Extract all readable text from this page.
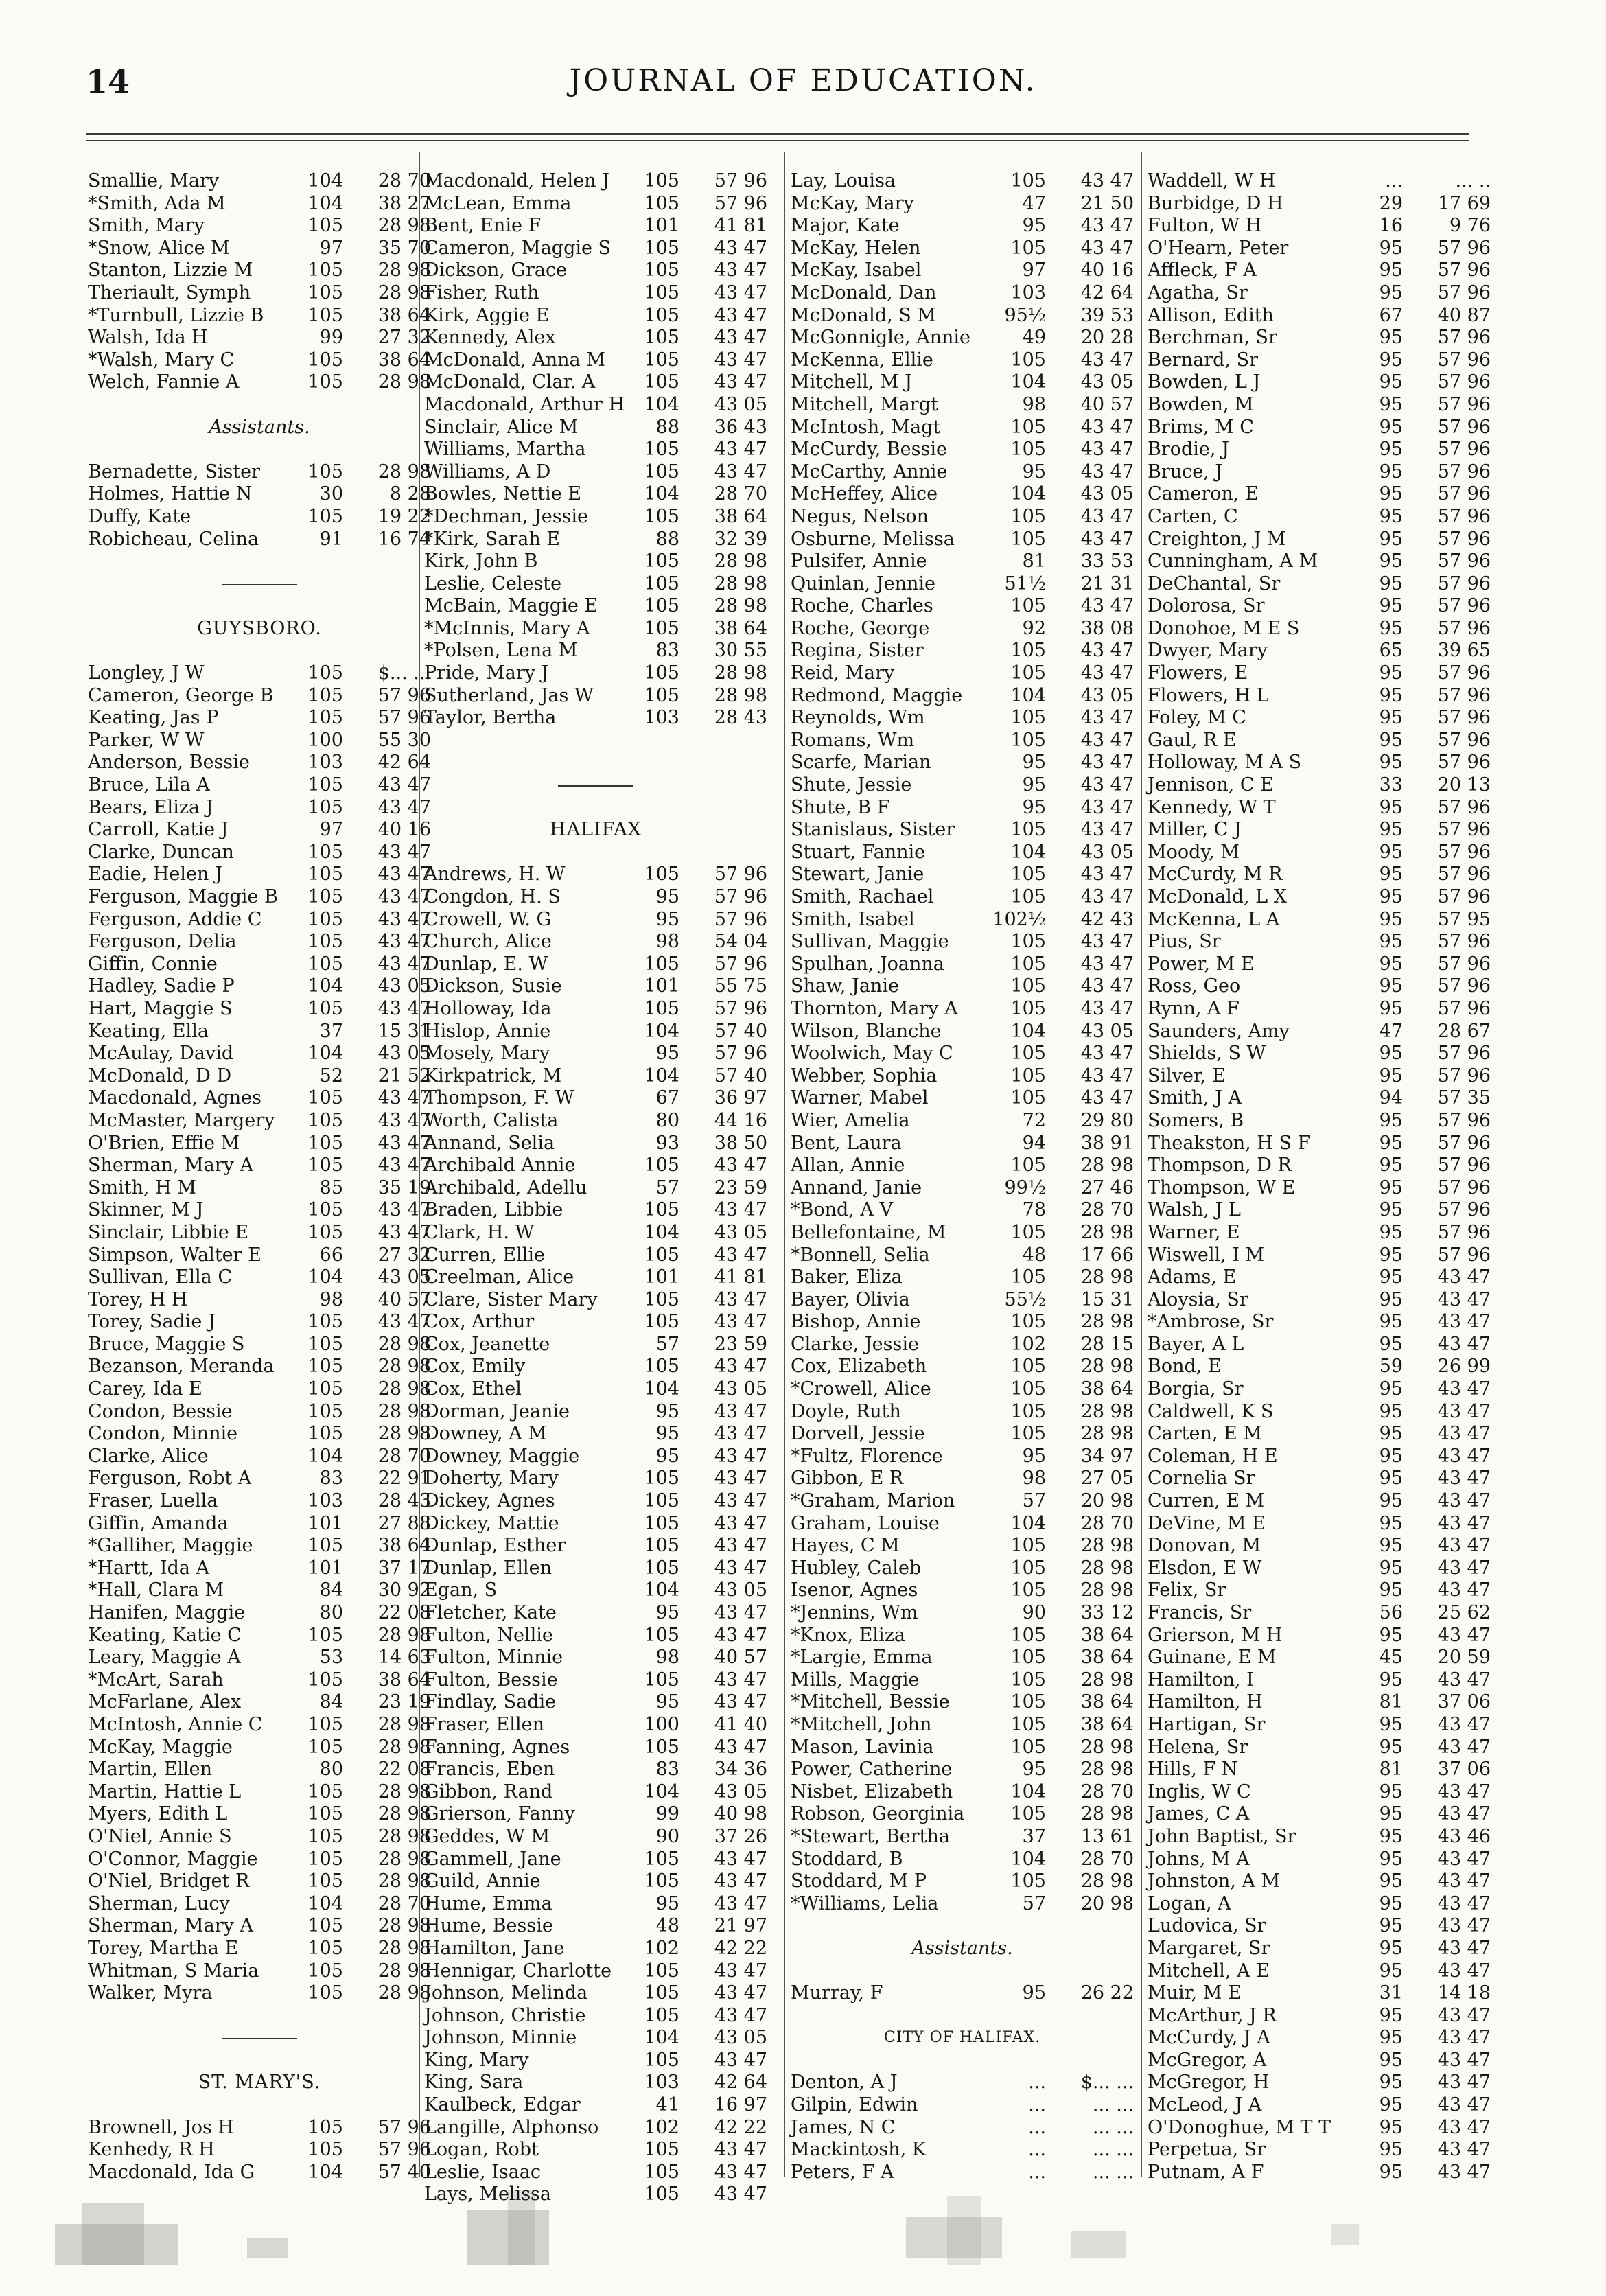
14	JOURNAL OF EDUCATION.
Smallie, Mary	104 28 70
*Smith, Ada M	104 38 27
Smith, Mary	105 28 98
*Snow, Alice M	97 35 70
Stanton, Lizzie M	105 28 98
Theriault, Symph	105 28 98
*Turnbull, Lizzie B 105 38 64
Walsh, Ida H	99 27 32
*Walsh, Mary C	105 38 64
Welch, Fannie A	105 28 98
Assistants.
Bernadette, Sister	105 28 98
Holmes, Hattie N	30	8 28
Duffy, Kate	105 19 22
Robicheau, Celina	91 16 74
GUYSBORO.
Longley, J W	105 $... ...
Cameron, George B 105 57 96
Keating, Jas P	105 57 96
Parker, W W	100 55 30
Anderson, Bessie	103 42 64
Bruce, Lila A	105 43 47
Bears, Eliza J	105 43 47
Carroll, Katie J	97 40 16
Clarke, Duncan	105 43 47
Eadie, Helen J	105 43 47
Ferguson, Maggie B 105 43 47
Ferguson, Addie C 105 43 47
Ferguson, Delia	105 43 47
Giffin, Connie	105 43 47
Hadley, Sadie P	104 43 05
Hart, Maggie S	105 43 47
Keating, Ella	37 15 31
McAulay, David	104 43 05
McDonald, D D	52 21 52
Macdonald, Agnes 105 43 47
McMaster, Margery 105 43 47
O'Brien, Effie M	105 43 47
Sherman, Mary A	105 43 47
Smith, H M	85 35 19
Skinner, M J	105 43 47
Sinclair, Libbie E	105 43 47
Simpson, Walter E	66 27 32
Sullivan, Ella C	104 43 05
Torey, H H	98 40 57
Torey, Sadie J	105 43 47
Bruce, Maggie S	105 28 98
Bezanson, Meranda 105 28 98
Carey, Ida E	105 28 98
Condon, Bessie	105 28 98
Condon, Minnie	105 28 98
Clarke, Alice	104 28 70
Ferguson, Robt A	83 22 91
Fraser, Luella	103 28 43
Giffin, Amanda	101 27 88
*Galliher, Maggie	105 38 64
*Hartt, Ida A	101 37 17
*Hall, Clara M	84 30 92
Hanifen, Maggie	80 22 08
Keating, Katie C	105 28 98
Leary, Maggie A	53 14 63
*McArt, Sarah	105 38 64
McFarlane, Alex	84 23 19
McIntosh, Annie C 105 28 98
McKay, Maggie	105 28 98
Martin, Ellen	80 22 08
Martin, Hattie L	105 28 98
Myers, Edith L	105 28 98
O'Niel, Annie S	105 28 98
O'Connor, Maggie	105 28 98
O'Niel, Bridget R	105 28 98
Sherman, Lucy	104 28 70
Sherman, Mary A	105 28 98
Torey, Martha E	105 28 98
Whitman, S Maria	105 28 98
Walker, Myra	105 28 98
ST. MARY'S.
Brownell, Jos H	105 57 96
Kenhedy, R H	105 57 96
Macdonald, Ida G	104 57 40
Macdonald, Helen J 105 57 96
McLean, Emma	105 57 96
Bent, Enie F	101 41 81
Cameron, Maggie S 105 43 47
Dickson, Grace	105 43 47
Fisher, Ruth	105 43 47
Kirk, Aggie E	105 43 47
Kennedy, Alex	105 43 47
McDonald, Anna M 105 43 47
McDonald, Clar. A	105 43 47
Macdonald, Arthur H 104 43 05
Sinclair, Alice M	88 36 43
Williams, Martha	105 43 47
Williams, A D	105 43 47
Bowles, Nettie E	104 28 70
*Dechman, Jessie	105 38 64
*Kirk, Sarah E	88 32 39
Kirk, John B	105 28 98
Leslie, Celeste	105 28 98
McBain, Maggie E 105 28 98
*McInnis, Mary A	105 38 64
*Polsen, Lena M	83 30 55
Pride, Mary J	105 28 98
Sutherland, Jas W	105 28 98
Taylor, Bertha	103 28 43
HALIFAX
Andrews, H. W	105 57 96
Congdon, H. S	95 57 96
Crowell, W. G	95 57 96
Church, Alice	98 54 04
Dunlap, E. W	105 57 96
Dickson, Susie	101 55 75
Holloway, Ida	105 57 96
Hislop, Annie	104 57 40
Mosely, Mary	95 57 96
Kirkpatrick, M	104 57 40
Thompson, F. W	67 36 97
Worth, Calista	80 44 16
Annand, Selia	93 38 50
Archibald Annie	105 43 47
Archibald, Adellu	57 23 59
Braden, Libbie	105 43 47
Clark, H. W	104 43 05
Curren, Ellie	105 43 47
Creelman, Alice	101 41 81
Clare, Sister Mary	105 43 47
Cox, Arthur	105 43 47
Cox, Jeanette	57 23 59
Cox, Emily	105 43 47
Cox, Ethel	104 43 05
Dorman, Jeanie	95 43 47
Downey, A M	95 43 47
Downey, Maggie	95 43 47
Doherty, Mary	105 43 47
Dickey, Agnes	105 43 47
Dickey, Mattie	105 43 47
Dunlap, Esther	105 43 47
Dunlap, Ellen	105 43 47
Egan, S	104 43 05
Fletcher, Kate	95 43 47
Fulton, Nellie	105 43 47
Fulton, Minnie	98 40 57
Fulton, Bessie	105 43 47
Findlay, Sadie	95 43 47
Fraser, Ellen	100 41 40
Fanning, Agnes	105 43 47
Francis, Eben	83 34 36
Gibbon, Rand	104 43 05
Grierson, Fanny	99 40 98
Geddes, W M	90 37 26
Gammell, Jane	105 43 47
Guild, Annie	105 43 47
Hume, Emma	95 43 47
Hume, Bessie	48 21 97
Hamilton, Jane	102 42 22
Hennigar, Charlotte 105 43 47
Johnson, Melinda	105 43 47
Johnson, Christie	105 43 47
Johnson, Minnie	104 43 05
King, Mary	105 43 47
King, Sara	103 42 64
Kaulbeck, Edgar	41 16 97
Langille, Alphonso 102 42 22
Logan, Robt	105 43 47
Leslie, Isaac	105 43 47
Lays, Melissa	105 43 47
Lay, Louisa	105 43 47
McKay, Mary	47 21 50
Major, Kate	95 43 47
McKay, Helen	105 43 47
McKay, Isabel	97 40 16
McDonald, Dan	103 42 64
McDonald, S M	95½ 39 53
McGonnigle, Annie	49 20 28
McKenna, Ellie	105 43 47
Mitchell, M J	104 43 05
Mitchell, Margt	98 40 57
McIntosh, Magt	105 43 47
McCurdy, Bessie	105 43 47
McCarthy, Annie	95 43 47
McHeffey, Alice	104 43 05
Negus, Nelson	105 43 47
Osburne, Melissa	105 43 47
Pulsifer, Annie	81 33 53
Quinlan, Jennie	51½ 21 31
Roche, Charles	105 43 47
Roche, George	92 38 08
Regina, Sister	105 43 47
Reid, Mary	105 43 47
Redmond, Maggie	104 43 05
Reynolds, Wm	105 43 47
Romans, Wm	105 43 47
Scarfe, Marian	95 43 47
Shute, Jessie	95 43 47
Shute, B F	95 43 47
Stanislaus, Sister	105 43 47
Stuart, Fannie	104 43 05
Stewart, Janie	105 43 47
Smith, Rachael	105 43 47
Smith, Isabel	102½ 42 43
Sullivan, Maggie	105 43 47
Spulhan, Joanna	105 43 47
Shaw, Janie	105 43 47
Thornton, Mary A	105 43 47
Wilson, Blanche	104 43 05
Woolwich, May C	105 43 47
Webber, Sophia	105 43 47
Warner, Mabel	105 43 47
Wier, Amelia	72 29 80
Bent, Laura	94 38 91
Allan, Annie	105 28 98
Annand, Janie	99½ 27 46
*Bond, A V	78 28 70
Bellefontaine, M	105 28 98
*Bonnell, Selia	48 17 66
Baker, Eliza	105 28 98
Bayer, Olivia	55½ 15 31
Bishop, Annie	105 28 98
Clarke, Jessie	102 28 15
Cox, Elizabeth	105 28 98
*Crowell, Alice	105 38 64
Doyle, Ruth	105 28 98
Dorvell, Jessie	105 28 98
*Fultz, Florence	95 34 97
Gibbon, E R	98 27 05
*Graham, Marion	57 20 98
Graham, Louise	104 28 70
Hayes, C M	105 28 98
Hubley, Caleb	105 28 98
Isenor, Agnes	105 28 98
*Jennins, Wm	90 33 12
*Knox, Eliza	105 38 64
*Largie, Emma	105 38 64
Mills, Maggie	105 28 98
*Mitchell, Bessie	105 38 64
*Mitchell, John	105 38 64
Mason, Lavinia	105 28 98
Power, Catherine	95 28 98
Nisbet, Elizabeth	104 28 70
Robson, Georginia 105 28 98
*Stewart, Bertha	37 13 61
Stoddard, B	104 28 70
Stoddard, M P	105 28 98
*Williams, Lelia	57 20 98
Assistants.
Murray, F	95 26 22
CITY OF HALIFAX.
Denton, A J	... $... ...
Gilpin, Edwin	...	... ...
James, N C	...	... ...
Mackintosh, K	...	... ...
Peters, F A	...	... ...
Waddell, W H	...	... ..
Burbidge, D H	29 17 69
Fulton, W H	16	9 76
O'Hearn, Peter	95 57 96
Affleck, F A	95 57 96
Agatha, Sr	95 57 96
Allison, Edith	67 40 87
Berchman, Sr	95 57 96
Bernard, Sr	95 57 96
Bowden, L J	95 57 96
Bowden, M	95 57 96
Brims, M C	95 57 96
Brodie, J	95 57 96
Bruce, J	95 57 96
Cameron, E	95 57 96
Carten, C	95 57 96
Creighton, J M	95 57 96
Cunningham, A M	95 57 96
DeChantal, Sr	95 57 96
Dolorosa, Sr	95 57 96
Donohoe, M E S	95 57 96
Dwyer, Mary	65 39 65
Flowers, E	95 57 96
Flowers, H L	95 57 96
Foley, M C	95 57 96
Gaul, R E	95 57 96
Holloway, M A S	95 57 96
Jennison, C E	33 20 13
Kennedy, W T	95 57 96
Miller, C J	95 57 96
Moody, M	95 57 96
McCurdy, M R	95 57 96
McDonald, L X	95 57 96
McKenna, L A	95 57 95
Pius, Sr	95 57 96
Power, M E	95 57 96
Ross, Geo	95 57 96
Rynn, A F	95 57 96
Saunders, Amy	47 28 67
Shields, S W	95 57 96
Silver, E	95 57 96
Smith, J A	94 57 35
Somers, B	95 57 96
Theakston, H S F	95 57 96
Thompson, D R	95 57 96
Thompson, W E	95 57 96
Walsh, J L	95 57 96
Warner, E	95 57 96
Wiswell, I M	95 57 96
Adams, E	95 43 47
Aloysia, Sr	95 43 47
*Ambrose, Sr	95 43 47
Bayer, A L	95 43 47
Bond, E	59 26 99
Borgia, Sr	95 43 47
Caldwell, K S	95 43 47
Carten, E M	95 43 47
Coleman, H E	95 43 47
Cornelia Sr	95 43 47
Curren, E M	95 43 47
DeVine, M E	95 43 47
Donovan, M	95 43 47
Elsdon, E W	95 43 47
Felix, Sr	95 43 47
Francis, Sr	56 25 62
Grierson, M H	95 43 47
Guinane, E M	45 20 59
Hamilton, I	95 43 47
Hamilton, H	81 37 06
Hartigan, Sr	95 43 47
Helena, Sr	95 43 47
Hills, F N	81 37 06
Inglis, W C	95 43 47
James, C A	95 43 47
John Baptist, Sr	95 43 46
Johns, M A	95 43 47
Johnston, A M	95 43 47
Logan, A	95 43 47
Ludovica, Sr	95 43 47
Margaret, Sr	95 43 47
Mitchell, A E	95 43 47
Muir, M E	31 14 18
McArthur, J R	95 43 47
McCurdy, J A	95 43 47
McGregor, A	95 43 47
McGregor, H	95 43 47
McLeod, J A	95 43 47
O'Donoghue, M T T	95 43 47
Perpetua, Sr	95 43 47
Putnam, A F	95 43 47
